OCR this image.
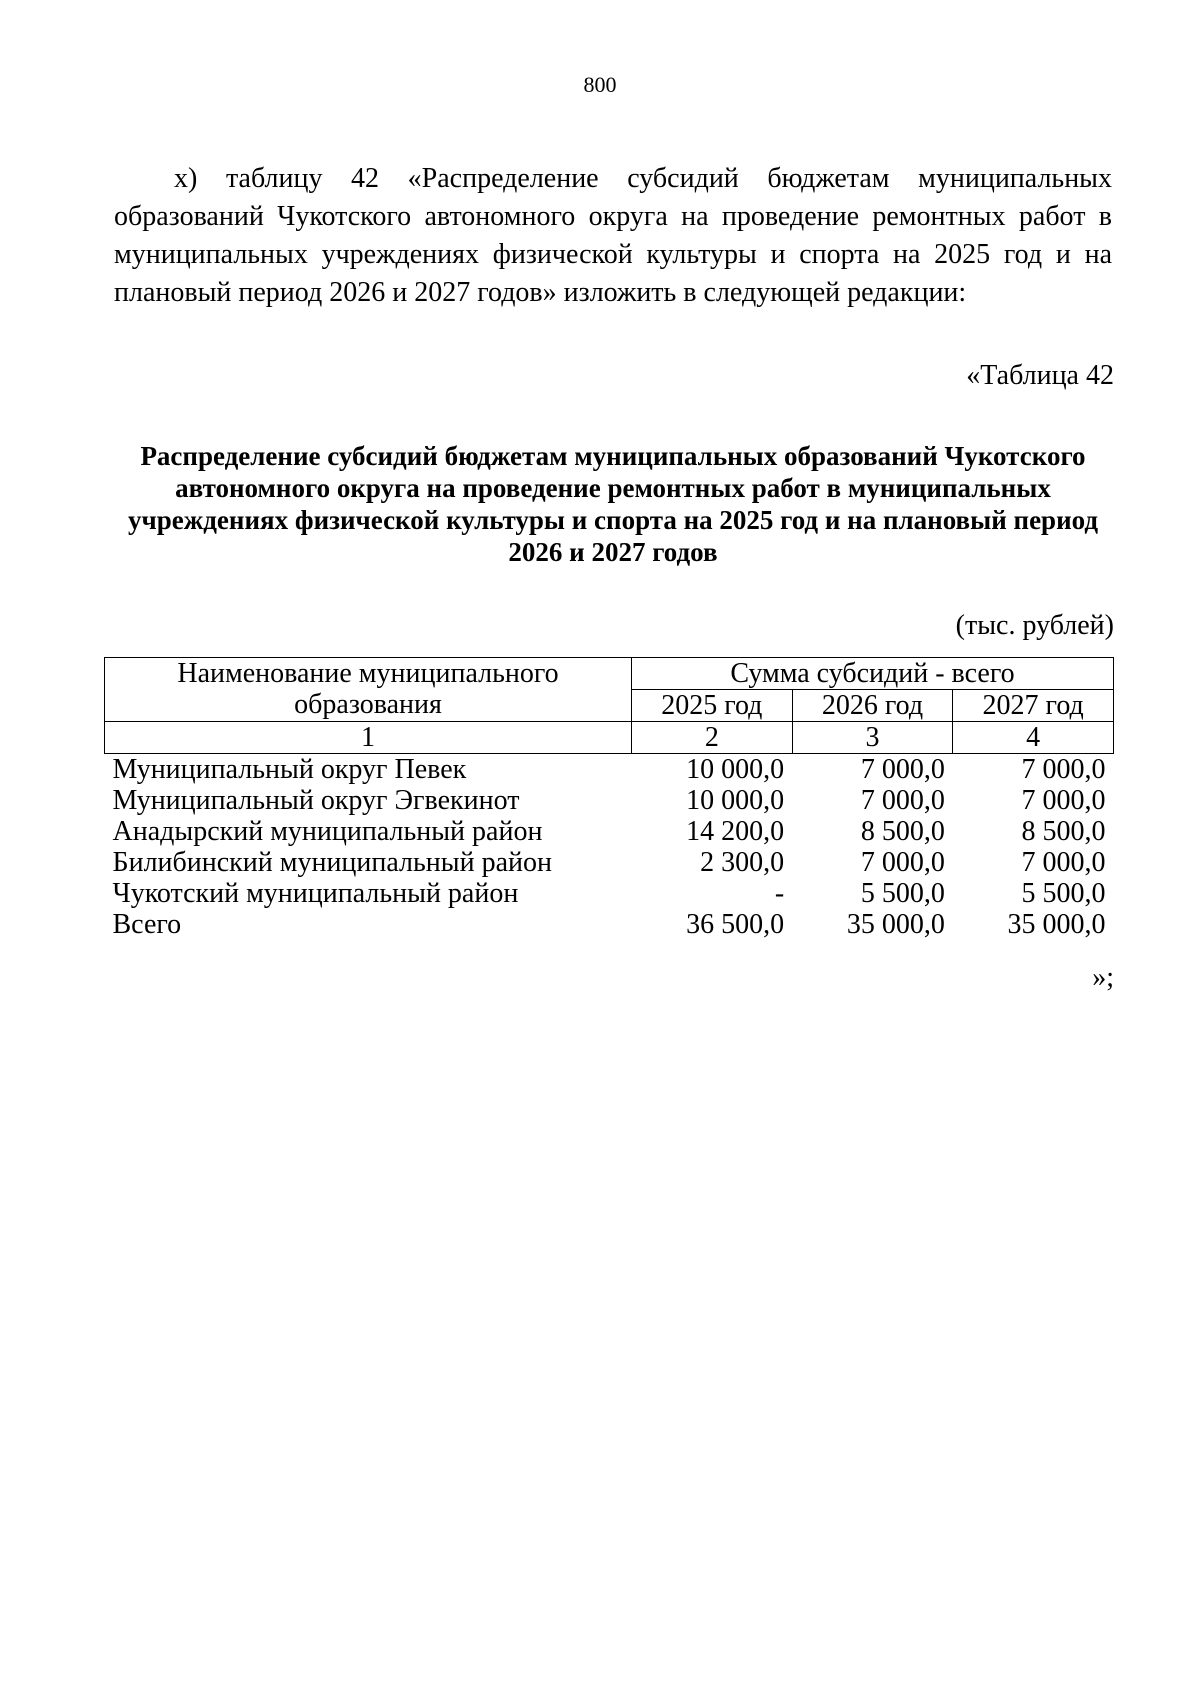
800

х) таблицу 42 «Распределение субсидий бюджетам муниципальных образований Чукотского автономного округа на проведение ремонтных работ в муниципальных учреждениях физической культуры и спорта на 2025 год и на плановый период 2026 и 2027 годов» изложить в следующей редакции:

«Таблица 42

Распределение субсидий бюджетам муниципальных образований Чукотского автономного округа на проведение ремонтных работ в муниципальных учреждениях физической культуры и спорта на 2025 год и на плановый период 2026 и 2027 годов

(тыс. рублей)
Наименование муниципального образования	Сумма субсидий - всего		
	2025 год	2026 год	2027 год
1	2	3	4
Муниципальный округ Певек	10 000,0	7 000,0	7 000,0
Муниципальный округ Эгвекинот	10 000,0	7 000,0	7 000,0
Анадырский муниципальный район	14 200,0	8 500,0	8 500,0
Билибинский муниципальный район	2 300,0	7 000,0	7 000,0
Чукотский муниципальный район	-	5 500,0	5 500,0
Всего	36 500,0	35 000,0	35 000,0
»;
